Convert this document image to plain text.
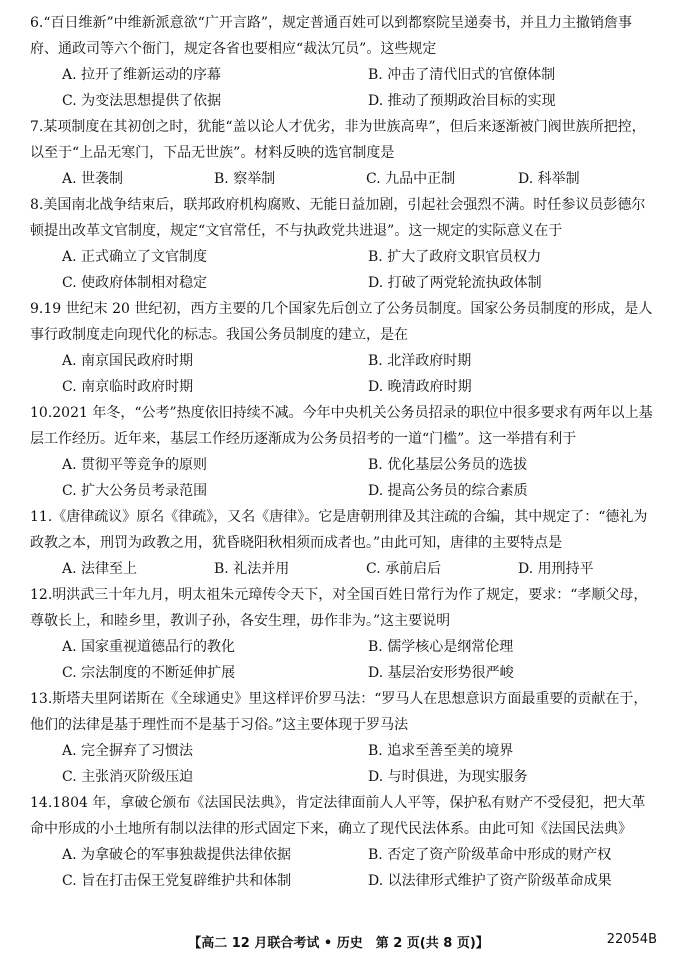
6.“百日维新”中维新派意欲“广开言路”，规定普通百姓可以到都察院呈递奏书，并且力主撤销詹事府、通政司等六个衙门，规定各省也要相应“裁汰冗员”。这些规定

A. 拉开了维新运动的序幕	B. 冲击了清代旧式的官僚体制
C. 为变法思想提供了依据	D. 推动了预期政治目标的实现

7.某项制度在其初创之时，犹能“盖以论人才优劣，非为世族高卑”，但后来逐渐被门阀世族所把控，以至于“上品无寒门，下品无世族”。材料反映的选官制度是

A. 世袭制	B. 察举制	C. 九品中正制	D. 科举制

8.美国南北战争结束后，联邦政府机构腐败、无能日益加剧，引起社会强烈不满。时任参议员彭德尔顿提出改革文官制度，规定“文官常任，不与执政党共进退”。这一规定的实际意义在于

A. 正式确立了文官制度	B. 扩大了政府文职官员权力
C. 使政府体制相对稳定	D. 打破了两党轮流执政体制

9.19 世纪末 20 世纪初，西方主要的几个国家先后创立了公务员制度。国家公务员制度的形成，是人事行政制度走向现代化的标志。我国公务员制度的建立，是在

A. 南京国民政府时期	B. 北洋政府时期
C. 南京临时政府时期	D. 晚清政府时期

10.2021 年冬，“公考”热度依旧持续不减。今年中央机关公务员招录的职位中很多要求有两年以上基层工作经历。近年来，基层工作经历逐渐成为公务员招考的一道“门槛”。这一举措有利于

A. 贯彻平等竞争的原则	B. 优化基层公务员的选拔
C. 扩大公务员考录范围	D. 提高公务员的综合素质

11.《唐律疏议》原名《律疏》，又名《唐律》。它是唐朝刑律及其注疏的合编，其中规定了：“德礼为政教之本，刑罚为政教之用，犹昏晓阳秋相须而成者也。”由此可知，唐律的主要特点是

A. 法律至上	B. 礼法并用	C. 承前启后	D. 用刑持平

12.明洪武三十年九月，明太祖朱元璋传令天下，对全国百姓日常行为作了规定，要求：“孝顺父母，尊敬长上，和睦乡里，教训子孙，各安生理，毋作非为。”这主要说明

A. 国家重视道德品行的教化	B. 儒学核心是纲常伦理
C. 宗法制度的不断延伸扩展	D. 基层治安形势很严峻

13.斯塔夫里阿诺斯在《全球通史》里这样评价罗马法：“罗马人在思想意识方面最重要的贡献在于，他们的法律是基于理性而不是基于习俗。”这主要体现于罗马法

A. 完全摒弃了习惯法	B. 追求至善至美的境界
C. 主张消灭阶级压迫	D. 与时俱进，为现实服务

14.1804 年，拿破仑颁布《法国民法典》，肯定法律面前人人平等，保护私有财产不受侵犯，把大革命中形成的小土地所有制以法律的形式固定下来，确立了现代民法体系。由此可知《法国民法典》

A. 为拿破仑的军事独裁提供法律依据	B. 否定了资产阶级革命中形成的财产权
C. 旨在打击保王党复辟维护共和体制	D. 以法律形式维护了资产阶级革命成果
【高二 12 月联合考试 • 历史　第 2 页(共 8 页)】	22054B
